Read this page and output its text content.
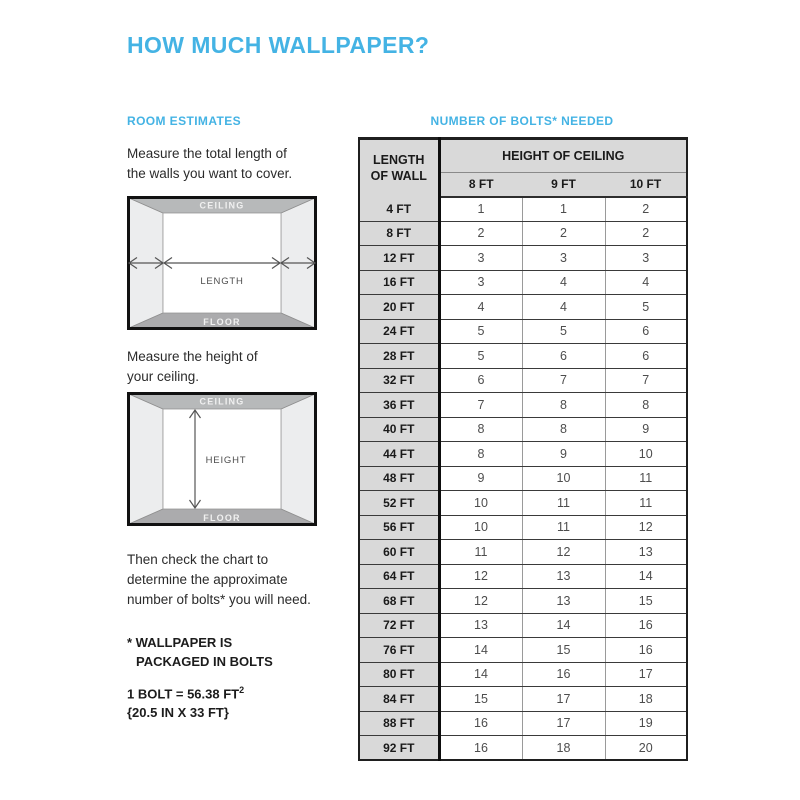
HOW MUCH WALLPAPER?
ROOM ESTIMATES	NUMBER OF BOLTS* NEEDED

Measure the total length of
the walls you want to cover.

CEILING
FLOOR
LENGTH

Measure the height of
your ceiling.

CEILING
FLOOR
HEIGHT

Then check the chart to
determine the approximate
number of bolts* you will need.

* WALLPAPER IS
PACKAGED IN BOLTS
1 BOLT = 56.38 $FT^2$
{20.5 IN X 33 FT}
LENGTH
OF WALL	HEIGHT OF CEILING		
	8 FT	9 FT	10 FT
4 FT	1	1	2
8 FT	2	2	2
12 FT	3	3	3
16 FT	3	4	4
20 FT	4	4	5
24 FT	5	5	6
28 FT	5	6	6
32 FT	6	7	7
36 FT	7	8	8
40 FT	8	8	9
44 FT	8	9	10
48 FT	9	10	11
52 FT	10	11	11
56 FT	10	11	12
60 FT	11	12	13
64 FT	12	13	14
68 FT	12	13	15
72 FT	13	14	16
76 FT	14	15	16
80 FT	14	16	17
84 FT	15	17	18
88 FT	16	17	19
92 FT	16	18	20
